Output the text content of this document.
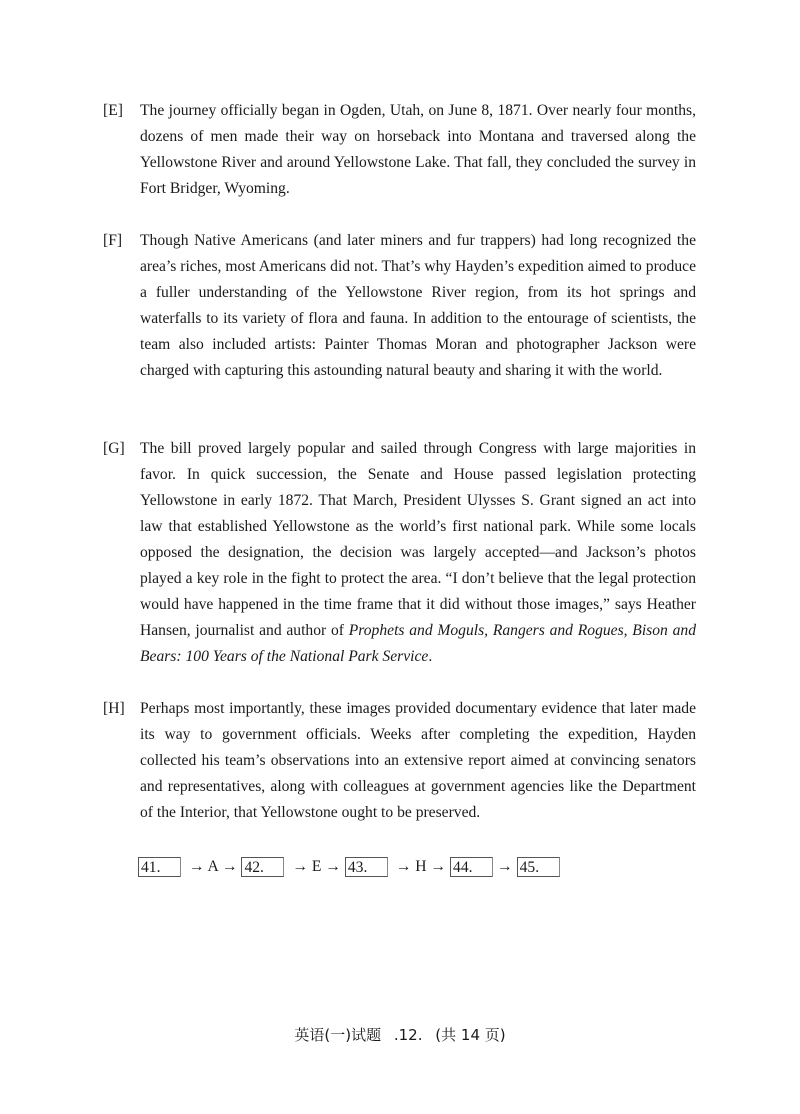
[E]	The journey officially began in Ogden, Utah, on June 8, 1871. Over nearly four months, dozens of men made their way on horseback into Montana and traversed along the Yellowstone River and around Yellowstone Lake. That fall, they concluded the survey in Fort Bridger, Wyoming.
[F]	Though Native Americans (and later miners and fur trappers) had long recognized the area’s riches, most Americans did not. That’s why Hayden’s expedition aimed to produce a fuller understanding of the Yellowstone River region, from its hot springs and waterfalls to its variety of flora and fauna. In addition to the entourage of scientists, the team also included artists: Painter Thomas Moran and photographer Jackson were charged with capturing this astounding natural beauty and sharing it with the world.
[G] The bill proved largely popular and sailed through Congress with large majorities in favor. In quick succession, the Senate and House passed legislation protecting Yellowstone in early 1872. That March, President Ulysses S. Grant signed an act into law that established Yellowstone as the world’s first national park. While some locals opposed the designation, the decision was largely accepted—and Jackson’s photos played a key role in the fight to protect the area. “I don’t believe that the legal protection would have happened in the time frame that it did without those images,” says Heather Hansen, journalist and author of Prophets and Moguls, Rangers and Rogues, Bison and Bears: 100 Years of the National Park Service.
[H] Perhaps most importantly, these images provided documentary evidence that later made its way to government officials. Weeks after completing the expedition, Hayden collected his team’s observations into an extensive report aimed at convincing senators and representatives, along with colleagues at government agencies like the Department of the Interior, that Yellowstone ought to be preserved.
41.	→ A → 42.	→ E → 43.	→ H → 44.	→ 45.
英语(一)试题 .12. (共 14 页)
